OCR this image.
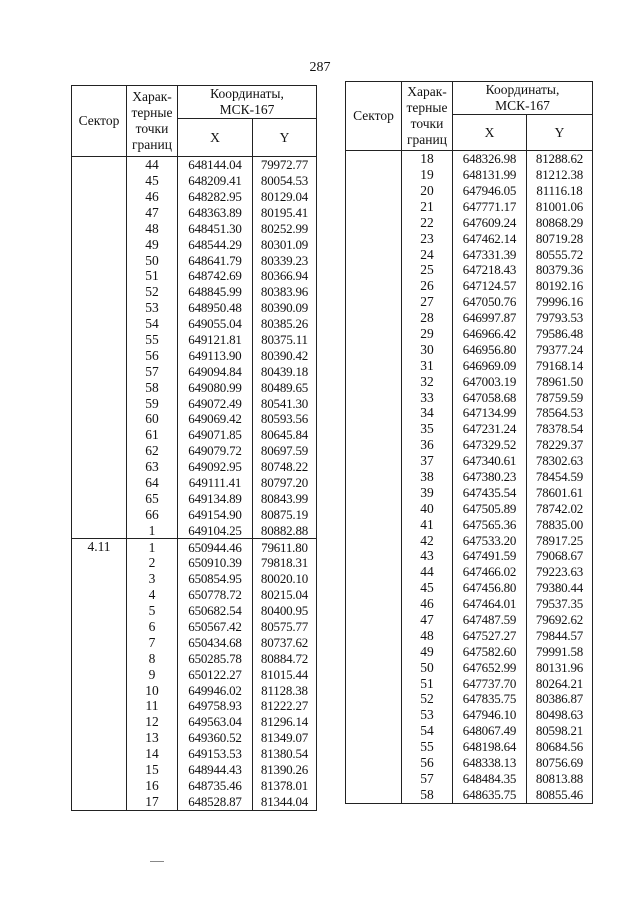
287
Сектор	Харак-
терные
точки
границ	Координаты,
МСК-167	
		X	Y
	44	648144.04	79972.77
	45	648209.41	80054.53
	46	648282.95	80129.04
	47	648363.89	80195.41
	48	648451.30	80252.99
	49	648544.29	80301.09
	50	648641.79	80339.23
	51	648742.69	80366.94
	52	648845.99	80383.96
	53	648950.48	80390.09
	54	649055.04	80385.26
	55	649121.81	80375.11
	56	649113.90	80390.42
	57	649094.84	80439.18
	58	649080.99	80489.65
	59	649072.49	80541.30
	60	649069.42	80593.56
	61	649071.85	80645.84
	62	649079.72	80697.59
	63	649092.95	80748.22
	64	649111.41	80797.20
	65	649134.89	80843.99
	66	649154.90	80875.19
	1	649104.25	80882.88
4.11	1	650944.46	79611.80
	2	650910.39	79818.31
	3	650854.95	80020.10
	4	650778.72	80215.04
	5	650682.54	80400.95
	6	650567.42	80575.77
	7	650434.68	80737.62
	8	650285.78	80884.72
	9	650122.27	81015.44
	10	649946.02	81128.38
	11	649758.93	81222.27
	12	649563.04	81296.14
	13	649360.52	81349.07
	14	649153.53	81380.54
	15	648944.43	81390.26
	16	648735.46	81378.01
	17	648528.87	81344.04
Сектор	Харак-
терные
точки
границ	Координаты,
МСК-167	
		X	Y
	18	648326.98	81288.62
	19	648131.99	81212.38
	20	647946.05	81116.18
	21	647771.17	81001.06
	22	647609.24	80868.29
	23	647462.14	80719.28
	24	647331.39	80555.72
	25	647218.43	80379.36
	26	647124.57	80192.16
	27	647050.76	79996.16
	28	646997.87	79793.53
	29	646966.42	79586.48
	30	646956.80	79377.24
	31	646969.09	79168.14
	32	647003.19	78961.50
	33	647058.68	78759.59
	34	647134.99	78564.53
	35	647231.24	78378.54
	36	647329.52	78229.37
	37	647340.61	78302.63
	38	647380.23	78454.59
	39	647435.54	78601.61
	40	647505.89	78742.02
	41	647565.36	78835.00
	42	647533.20	78917.25
	43	647491.59	79068.67
	44	647466.02	79223.63
	45	647456.80	79380.44
	46	647464.01	79537.35
	47	647487.59	79692.62
	48	647527.27	79844.57
	49	647582.60	79991.58
	50	647652.99	80131.96
	51	647737.70	80264.21
	52	647835.75	80386.87
	53	647946.10	80498.63
	54	648067.49	80598.21
	55	648198.64	80684.56
	56	648338.13	80756.69
	57	648484.35	80813.88
	58	648635.75	80855.46
